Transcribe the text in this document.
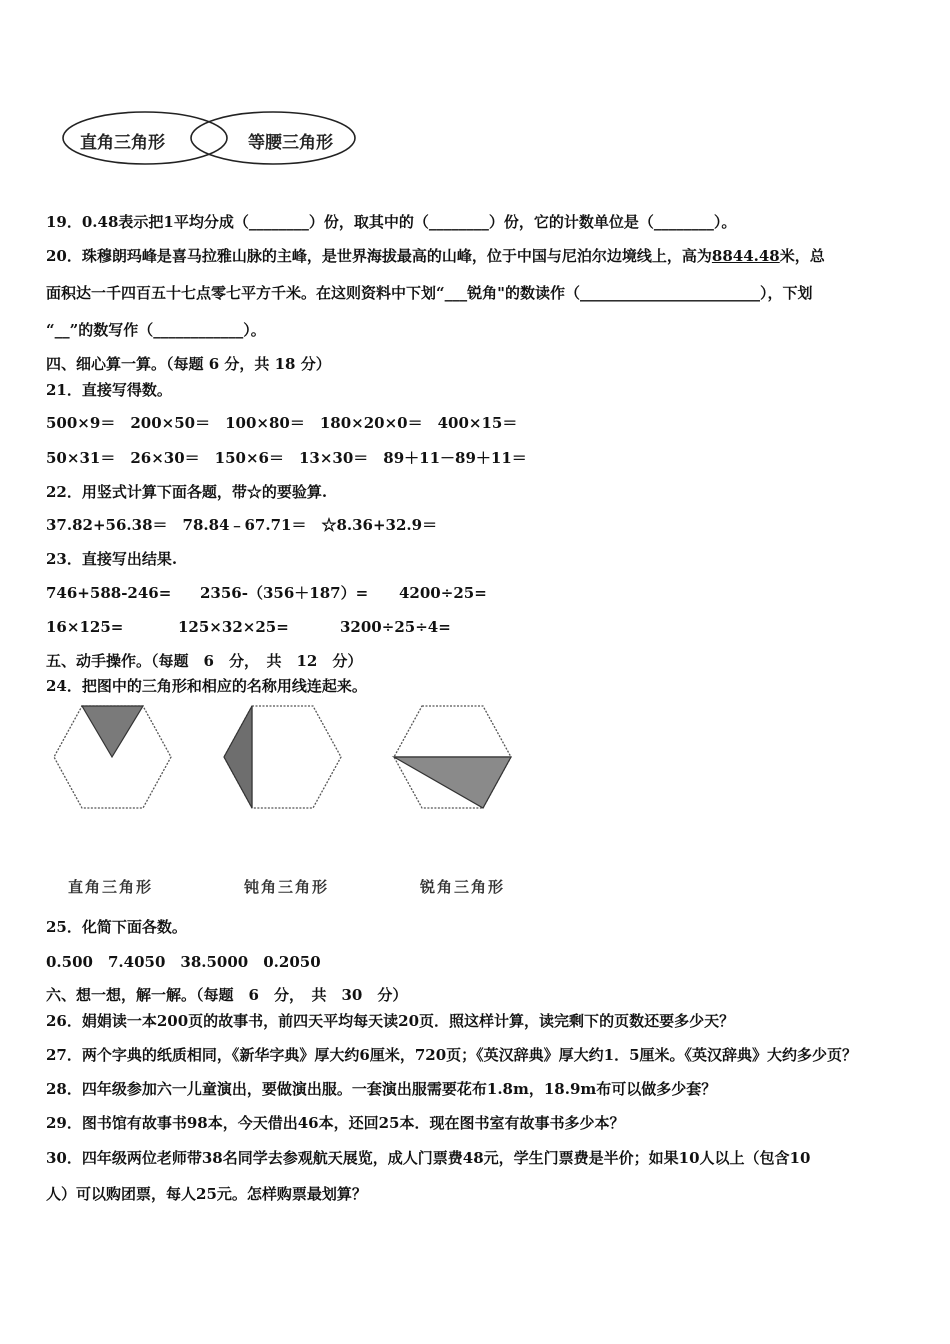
直角三角形	等腰三角形
19．0.48表示把1平均分成（________）份，取其中的（________）份，它的计数单位是（________）。
20．珠穆朗玛峰是喜马拉雅山脉的主峰，是世界海拔最高的山峰，位于中国与尼泊尔边境线上，高为8844.48米，总
面积达一千四百五十七点零七平方千米。在这则资料中下划“___锐角"的数读作（________________________），下划
“__”的数写作（____________）。
四、细心算一算。（每题 6 分，共 18 分）
21．直接写得数。
500×9＝　200×50＝　100×80＝　180×20×0＝　400×15＝
50×31＝　26×30＝　150×6＝　13×30＝　89＋11－89＋11＝
22．用竖式计算下面各题，带☆的要验算.
37.82+56.38＝　78.84﹣67.71＝　☆8.36+32.9＝
23．直接写出结果.
746+588-246= 2356-（356＋187）= 4200÷25=
16×125=	125×32×25=	3200÷25÷4=
五、动手操作。（每题　6　分，　共　12　分）
24．把图中的三角形和相应的名称用线连起来。
直角三角形	钝角三角形	锐角三角形
25．化简下面各数。
0.500　7.4050　38.5000　0.2050
六、想一想，解一解。（每题　6　分，　共　30　分）
26．娟娟读一本200页的故事书，前四天平均每天读20页．照这样计算，读完剩下的页数还要多少天？
27．两个字典的纸质相同，《新华字典》厚大约6厘米，720页；《英汉辞典》厚大约1．5厘米。《英汉辞典》大约多少页？
28．四年级参加六一儿童演出，要做演出服。一套演出服需要花布1.8m，18.9m布可以做多少套？
29．图书馆有故事书98本，今天借出46本，还回25本．现在图书室有故事书多少本？
30．四年级两位老师带38名同学去参观航天展览，成人门票费48元，学生门票费是半价；如果10人以上（包含10
人）可以购团票，每人25元。怎样购票最划算？
